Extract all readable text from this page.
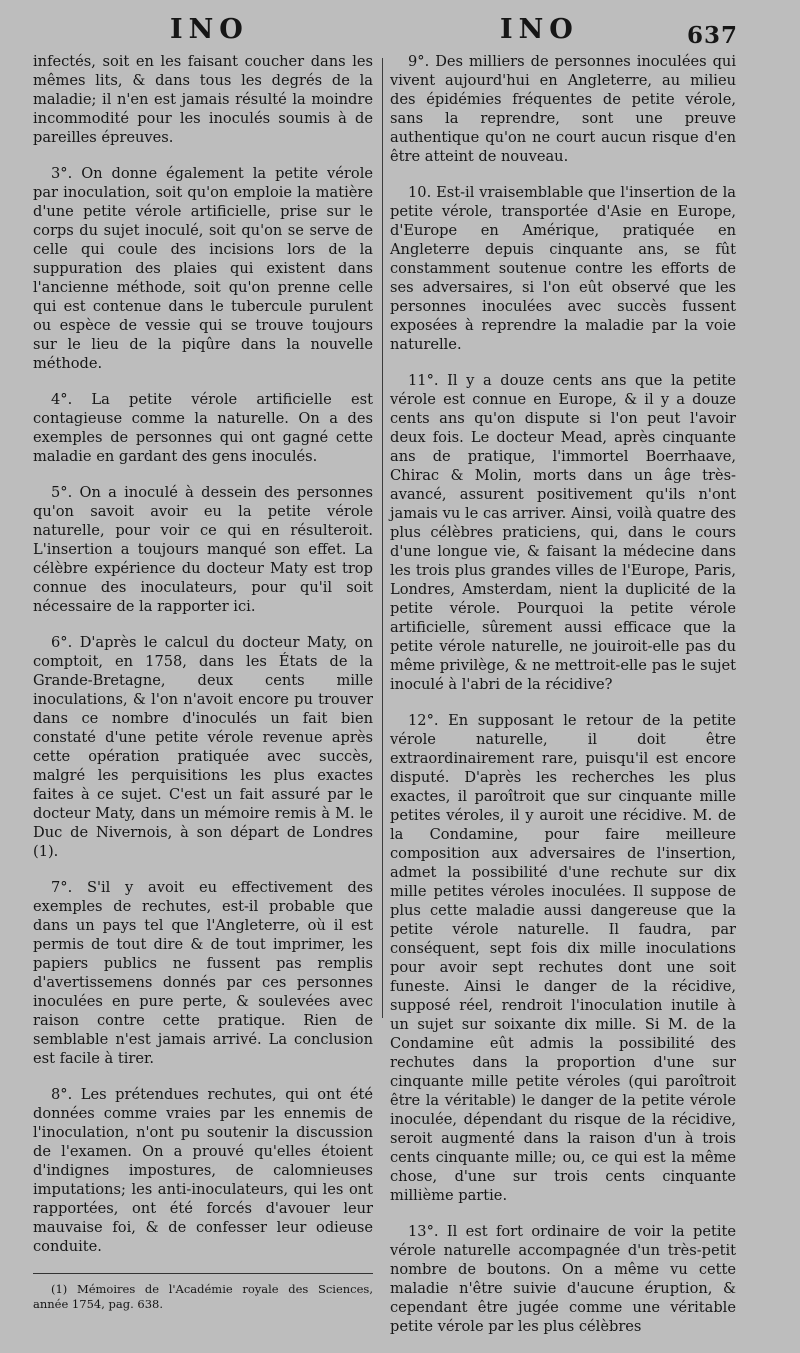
INO	INO	637

infectés, soit en les faisant coucher dans les mêmes lits, & dans tous les degrés de la maladie; il n'en est jamais résulté la moindre incommodité pour les inoculés soumis à de pareilles épreuves.

3°. On donne également la petite vérole par inoculation, soit qu'on emploie la matière d'une petite vérole artificielle, prise sur le corps du sujet inoculé, soit qu'on se serve de celle qui coule des incisions lors de la suppuration des plaies qui existent dans l'ancienne méthode, soit qu'on prenne celle qui est contenue dans le tubercule purulent ou espèce de vessie qui se trouve toujours sur le lieu de la piqûre dans la nouvelle méthode.

4°. La petite vérole artificielle est contagieuse comme la naturelle. On a des exemples de personnes qui ont gagné cette maladie en gardant des gens inoculés.

5°. On a inoculé à dessein des personnes qu'on savoit avoir eu la petite vérole naturelle, pour voir ce qui en résulteroit. L'insertion a toujours manqué son effet. La célèbre expérience du docteur Maty est trop connue des inoculateurs, pour qu'il soit nécessaire de la rapporter ici.

6°. D'après le calcul du docteur Maty, on comptoit, en 1758, dans les États de la Grande-Bretagne, deux cents mille inoculations, & l'on n'avoit encore pu trouver dans ce nombre d'inoculés un fait bien constaté d'une petite vérole revenue après cette opération pratiquée avec succès, malgré les perquisitions les plus exactes faites à ce sujet. C'est un fait assuré par le docteur Maty, dans un mémoire remis à M. le Duc de Nivernois, à son départ de Londres (1).

7°. S'il y avoit eu effectivement des exemples de rechutes, est-il probable que dans un pays tel que l'Angleterre, où il est permis de tout dire & de tout imprimer, les papiers publics ne fussent pas remplis d'avertissemens donnés par ces personnes inoculées en pure perte, & soulevées avec raison contre cette pratique. Rien de semblable n'est jamais arrivé. La conclusion est facile à tirer.

8°. Les prétendues rechutes, qui ont été données comme vraies par les ennemis de l'inoculation, n'ont pu soutenir la discussion de l'examen. On a prouvé qu'elles étoient d'indignes impostures, de calomnieuses imputations; les anti-inoculateurs, qui les ont rapportées, ont été forcés d'avouer leur mauvaise foi, & de confesser leur odieuse conduite.

(1) Mémoires de l'Académie royale des Sciences, année 1754, pag. 638.

9°. Des milliers de personnes inoculées qui vivent aujourd'hui en Angleterre, au milieu des épidémies fréquentes de petite vérole, sans la reprendre, sont une preuve authentique qu'on ne court aucun risque d'en être atteint de nouveau.

10. Est-il vraisemblable que l'insertion de la petite vérole, transportée d'Asie en Europe, d'Europe en Amérique, pratiquée en Angleterre depuis cinquante ans, se fût constamment soutenue contre les efforts de ses adversaires, si l'on eût observé que les personnes inoculées avec succès fussent exposées à reprendre la maladie par la voie naturelle.

11°. Il y a douze cents ans que la petite vérole est connue en Europe, & il y a douze cents ans qu'on dispute si l'on peut l'avoir deux fois. Le docteur Mead, après cinquante ans de pratique, l'immortel Boerrhaave, Chirac & Molin, morts dans un âge très-avancé, assurent positivement qu'ils n'ont jamais vu le cas arriver. Ainsi, voilà quatre des plus célèbres praticiens, qui, dans le cours d'une longue vie, & faisant la médecine dans les trois plus grandes villes de l'Europe, Paris, Londres, Amsterdam, nient la duplicité de la petite vérole. Pourquoi la petite vérole artificielle, sûrement aussi efficace que la petite vérole naturelle, ne jouiroit-elle pas du même privilège, & ne mettroit-elle pas le sujet inoculé à l'abri de la récidive?

12°. En supposant le retour de la petite vérole naturelle, il doit être extraordinairement rare, puisqu'il est encore disputé. D'après les recherches les plus exactes, il paroîtroit que sur cinquante mille petites véroles, il y auroit une récidive. M. de la Condamine, pour faire meilleure composition aux adversaires de l'insertion, admet la possibilité d'une rechute sur dix mille petites véroles inoculées. Il suppose de plus cette maladie aussi dangereuse que la petite vérole naturelle. Il faudra, par conséquent, sept fois dix mille inoculations pour avoir sept rechutes dont une soit funeste. Ainsi le danger de la récidive, supposé réel, rendroit l'inoculation inutile à un sujet sur soixante dix mille. Si M. de la Condamine eût admis la possibilité des rechutes dans la proportion d'une sur cinquante mille petite véroles (qui paroîtroit être la véritable) le danger de la petite vérole inoculée, dépendant du risque de la récidive, seroit augmenté dans la raison d'un à trois cents cinquante mille; ou, ce qui est la même chose, d'une sur trois cents cinquante millième partie.

13°. Il est fort ordinaire de voir la petite vérole naturelle accompagnée d'un très-petit nombre de boutons. On a même vu cette maladie n'être suivie d'aucune éruption, & cependant être jugée comme une véritable petite vérole par les plus célèbres
